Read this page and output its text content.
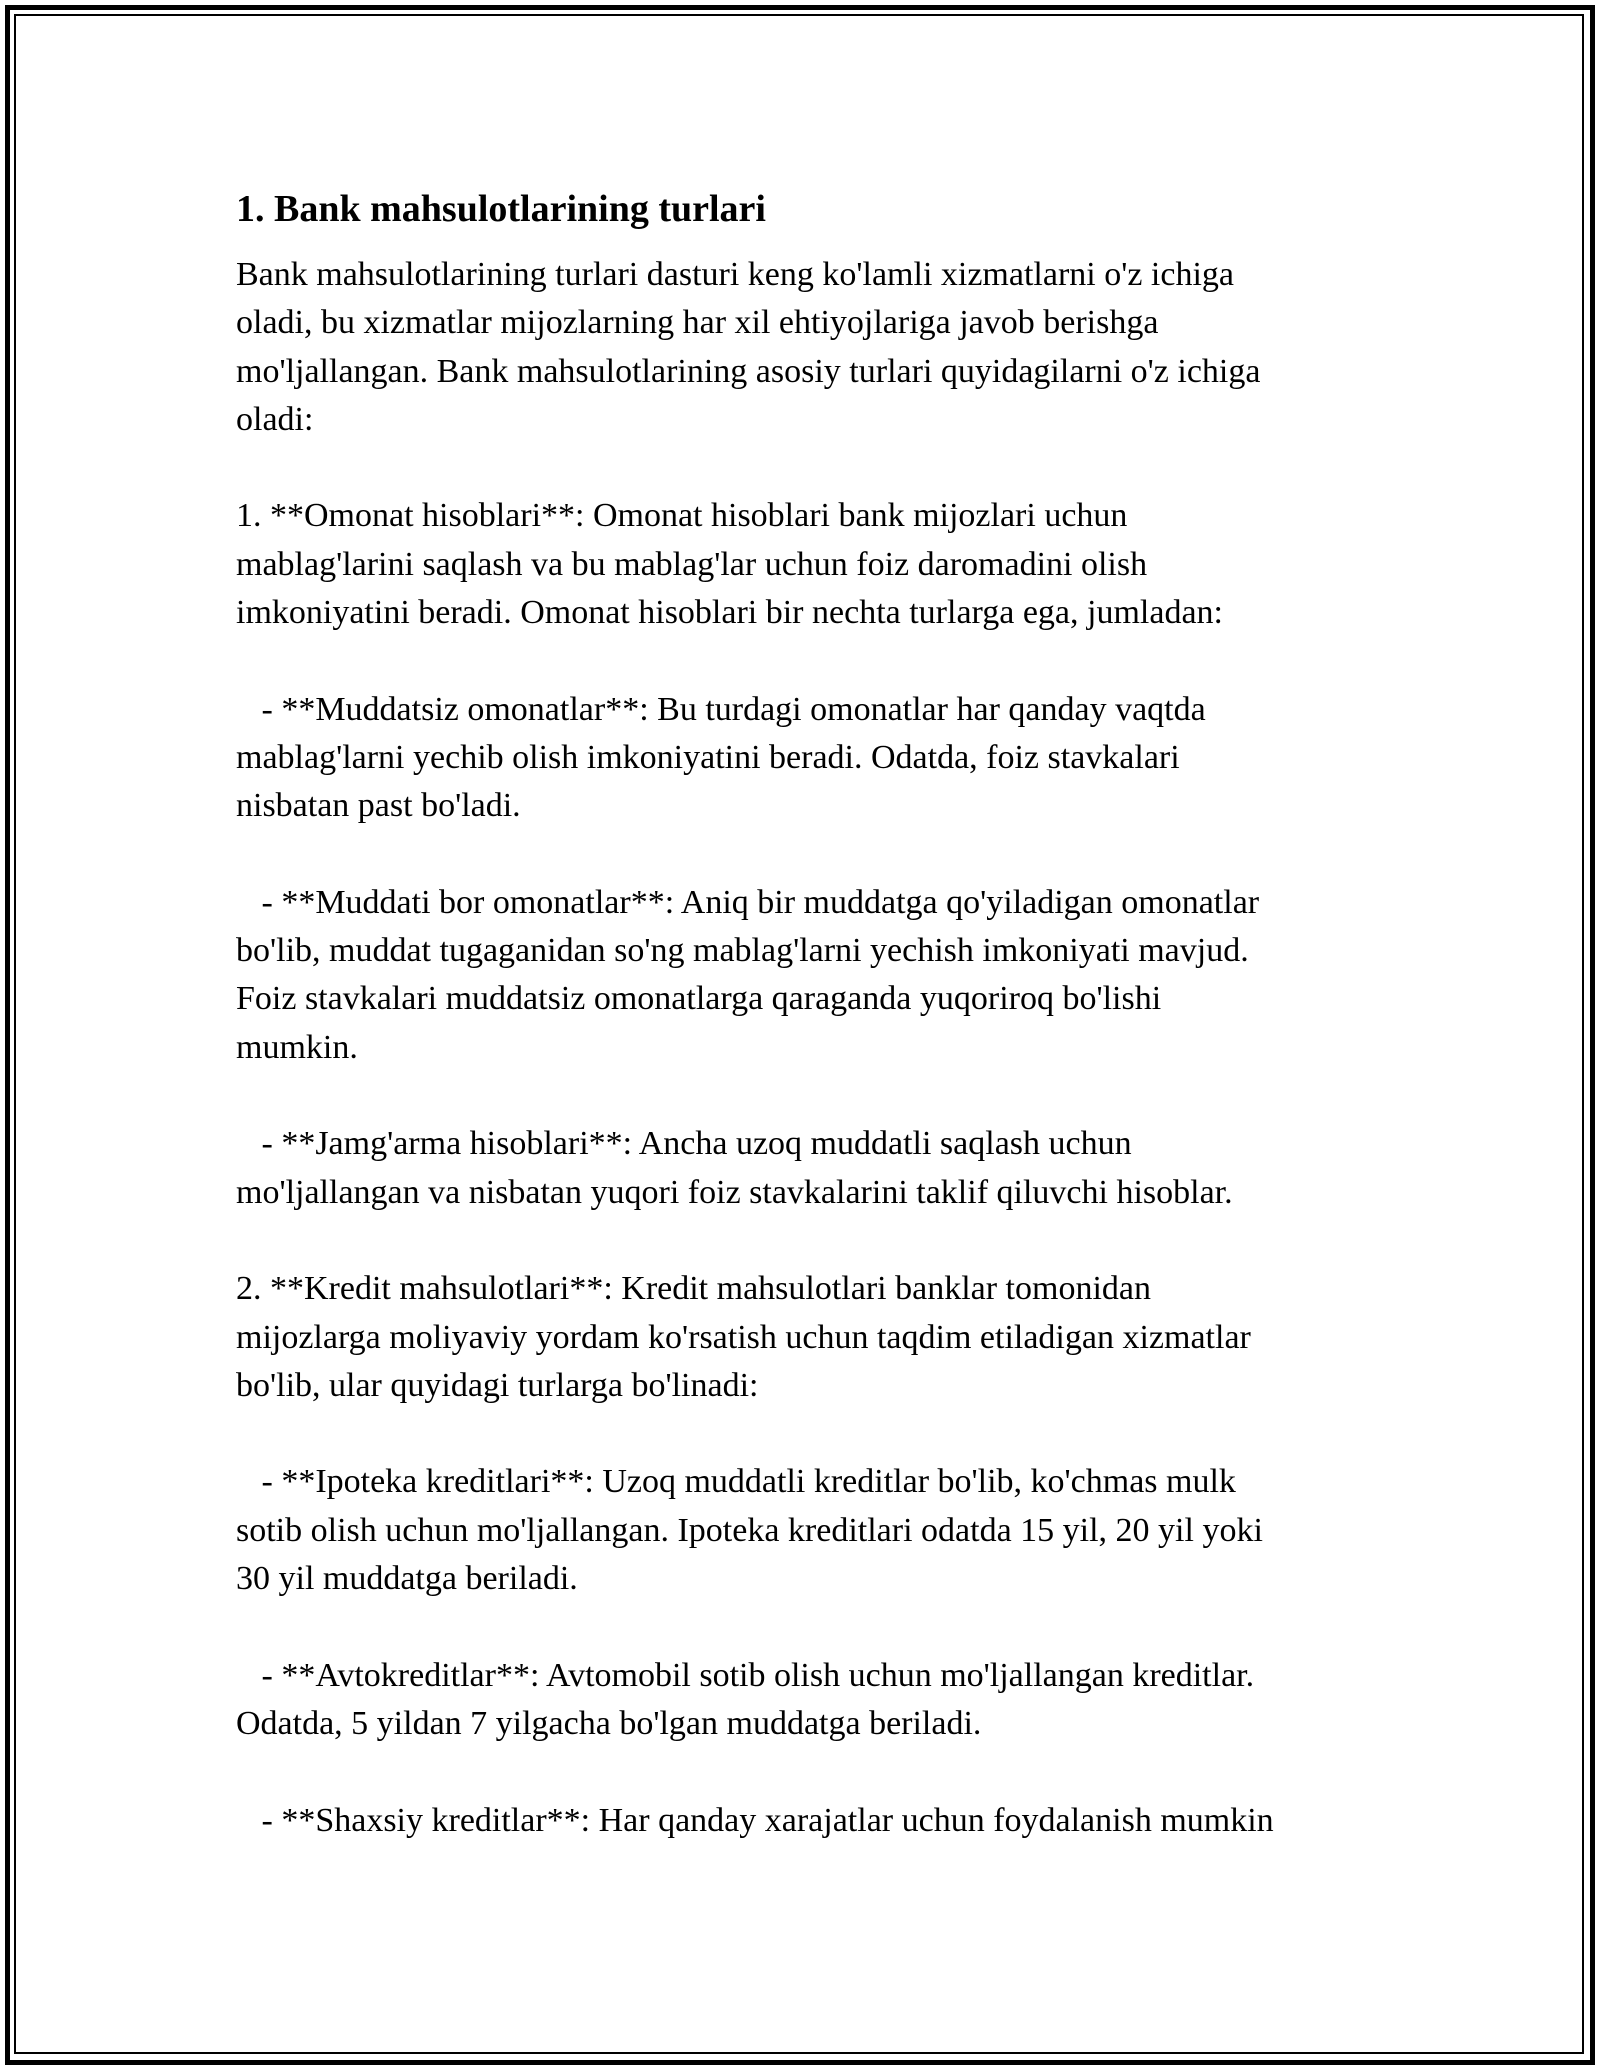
1. Bank mahsulotlarining turlari
Bank mahsulotlarining turlari dasturi keng ko'lamli xizmatlarni o'z ichiga
oladi, bu xizmatlar mijozlarning har xil ehtiyojlariga javob berishga
mo'ljallangan. Bank mahsulotlarining asosiy turlari quyidagilarni o'z ichiga
oladi:

1. **Omonat hisoblari**: Omonat hisoblari bank mijozlari uchun
mablag'larini saqlash va bu mablag'lar uchun foiz daromadini olish
imkoniyatini beradi. Omonat hisoblari bir nechta turlarga ega, jumladan:

- **Muddatsiz omonatlar**: Bu turdagi omonatlar har qanday vaqtda
mablag'larni yechib olish imkoniyatini beradi. Odatda, foiz stavkalari
nisbatan past bo'ladi.

- **Muddati bor omonatlar**: Aniq bir muddatga qo'yiladigan omonatlar
bo'lib, muddat tugaganidan so'ng mablag'larni yechish imkoniyati mavjud.
Foiz stavkalari muddatsiz omonatlarga qaraganda yuqoriroq bo'lishi
mumkin.

- **Jamg'arma hisoblari**: Ancha uzoq muddatli saqlash uchun
mo'ljallangan va nisbatan yuqori foiz stavkalarini taklif qiluvchi hisoblar.

2. **Kredit mahsulotlari**: Kredit mahsulotlari banklar tomonidan
mijozlarga moliyaviy yordam ko'rsatish uchun taqdim etiladigan xizmatlar
bo'lib, ular quyidagi turlarga bo'linadi:

- **Ipoteka kreditlari**: Uzoq muddatli kreditlar bo'lib, ko'chmas mulk
sotib olish uchun mo'ljallangan. Ipoteka kreditlari odatda 15 yil, 20 yil yoki
30 yil muddatga beriladi.

- **Avtokreditlar**: Avtomobil sotib olish uchun mo'ljallangan kreditlar.
Odatda, 5 yildan 7 yilgacha bo'lgan muddatga beriladi.

- **Shaxsiy kreditlar**: Har qanday xarajatlar uchun foydalanish mumkin
